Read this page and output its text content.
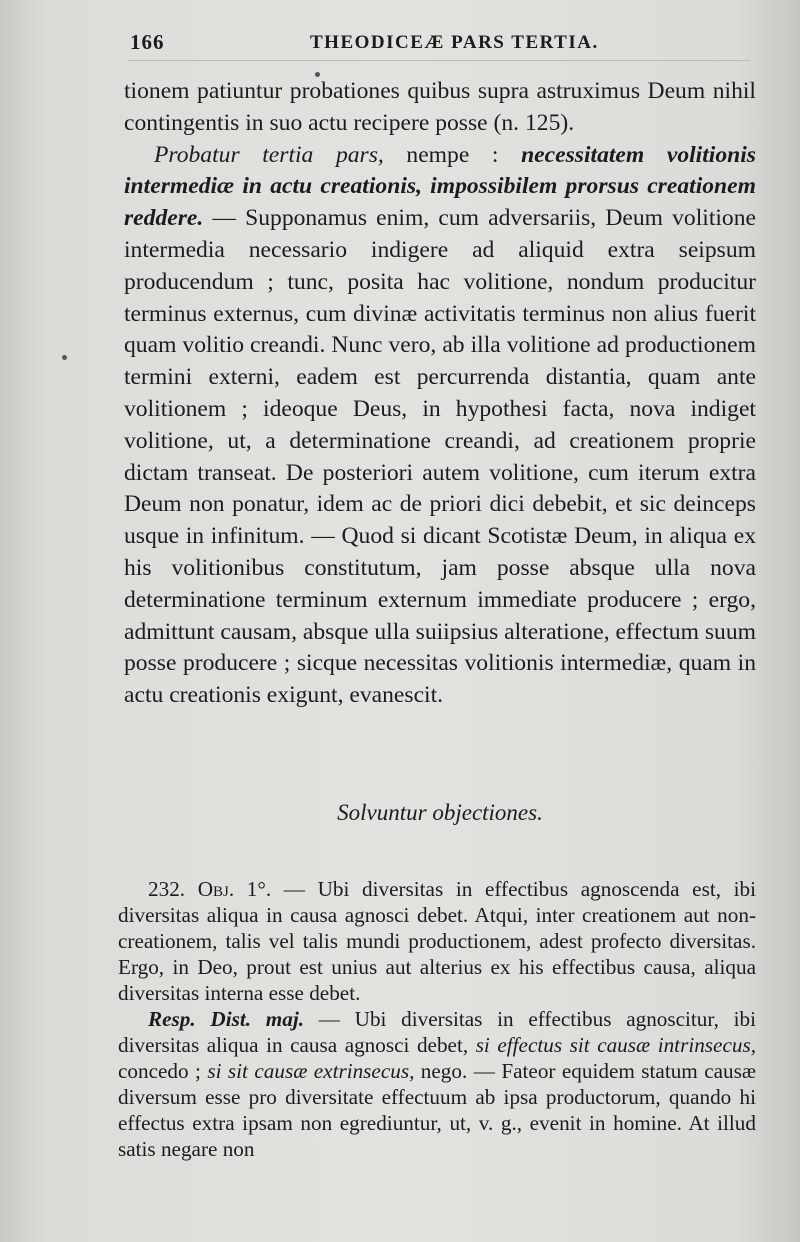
166	THEODICEÆ PARS TERTIA.

tionem patiuntur probationes quibus supra astruximus Deum nihil contingentis in suo actu recipere posse (n. 125).

Probatur tertia pars, nempe : necessitatem volitionis intermediæ in actu creationis, impossibilem prorsus creationem reddere. — Supponamus enim, cum adversariis, Deum volitione intermedia necessario indigere ad aliquid extra seipsum producendum ; tunc, posita hac volitione, nondum producitur terminus externus, cum divinæ activitatis terminus non alius fuerit quam volitio creandi. Nunc vero, ab illa volitione ad productionem termini externi, eadem est percurrenda distantia, quam ante volitionem ; ideoque Deus, in hypothesi facta, nova indiget volitione, ut, a determinatione creandi, ad creationem proprie dictam transeat. De posteriori autem volitione, cum iterum extra Deum non ponatur, idem ac de priori dici debebit, et sic deinceps usque in infinitum. — Quod si dicant Scotistæ Deum, in aliqua ex his volitionibus constitutum, jam posse absque ulla nova determinatione terminum externum immediate producere ; ergo, admittunt causam, absque ulla suiipsius alteratione, effectum suum posse producere ; sicque necessitas volitionis intermediæ, quam in actu creationis exigunt, evanescit.

Solvuntur objectiones.

232. Obj. 1°. — Ubi diversitas in effectibus agnoscenda est, ibi diversitas aliqua in causa agnosci debet. Atqui, inter creationem aut non-creationem, talis vel talis mundi productionem, adest profecto diversitas. Ergo, in Deo, prout est unius aut alterius ex his effectibus causa, aliqua diversitas interna esse debet.

Resp. Dist. maj. — Ubi diversitas in effectibus agnoscitur, ibi diversitas aliqua in causa agnosci debet, si effectus sit causæ intrinsecus, concedo ; si sit causæ extrinsecus, nego. — Fateor equidem statum causæ diversum esse pro diversitate effectuum ab ipsa productorum, quando hi effectus extra ipsam non egrediuntur, ut, v. g., evenit in homine. At illud satis negare non
